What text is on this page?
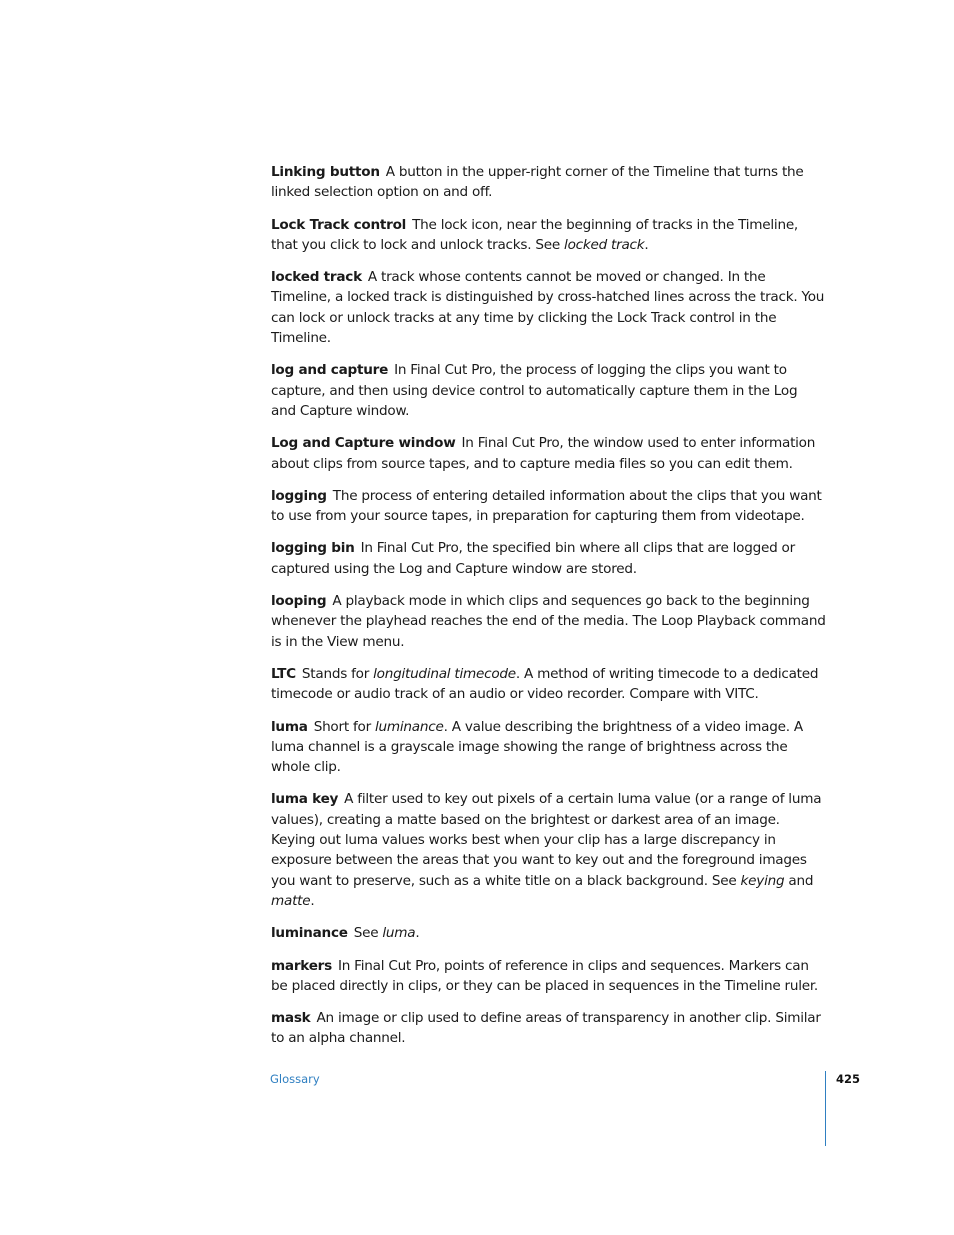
Linking button A button in the upper-right corner of the Timeline that turns the linked selection option on and off.

Lock Track control The lock icon, near the beginning of tracks in the Timeline, that you click to lock and unlock tracks. See locked track.

locked track A track whose contents cannot be moved or changed. In the Timeline, a locked track is distinguished by cross-hatched lines across the track. You can lock or unlock tracks at any time by clicking the Lock Track control in the Timeline.

log and capture In Final Cut Pro, the process of logging the clips you want to capture, and then using device control to automatically capture them in the Log and Capture window.

Log and Capture window In Final Cut Pro, the window used to enter information about clips from source tapes, and to capture media files so you can edit them.

logging The process of entering detailed information about the clips that you want to use from your source tapes, in preparation for capturing them from videotape.

logging bin In Final Cut Pro, the specified bin where all clips that are logged or captured using the Log and Capture window are stored.

looping A playback mode in which clips and sequences go back to the beginning whenever the playhead reaches the end of the media. The Loop Playback command is in the View menu.

LTC Stands for longitudinal timecode. A method of writing timecode to a dedicated timecode or audio track of an audio or video recorder. Compare with VITC.

luma Short for luminance. A value describing the brightness of a video image. A luma channel is a grayscale image showing the range of brightness across the whole clip.

luma key A filter used to key out pixels of a certain luma value (or a range of luma values), creating a matte based on the brightest or darkest area of an image. Keying out luma values works best when your clip has a large discrepancy in exposure between the areas that you want to key out and the foreground images you want to preserve, such as a white title on a black background. See keying and matte.

luminance See luma.

markers In Final Cut Pro, points of reference in clips and sequences. Markers can be placed directly in clips, or they can be placed in sequences in the Timeline ruler.

mask An image or clip used to define areas of transparency in another clip. Similar to an alpha channel.

Glossary	425
